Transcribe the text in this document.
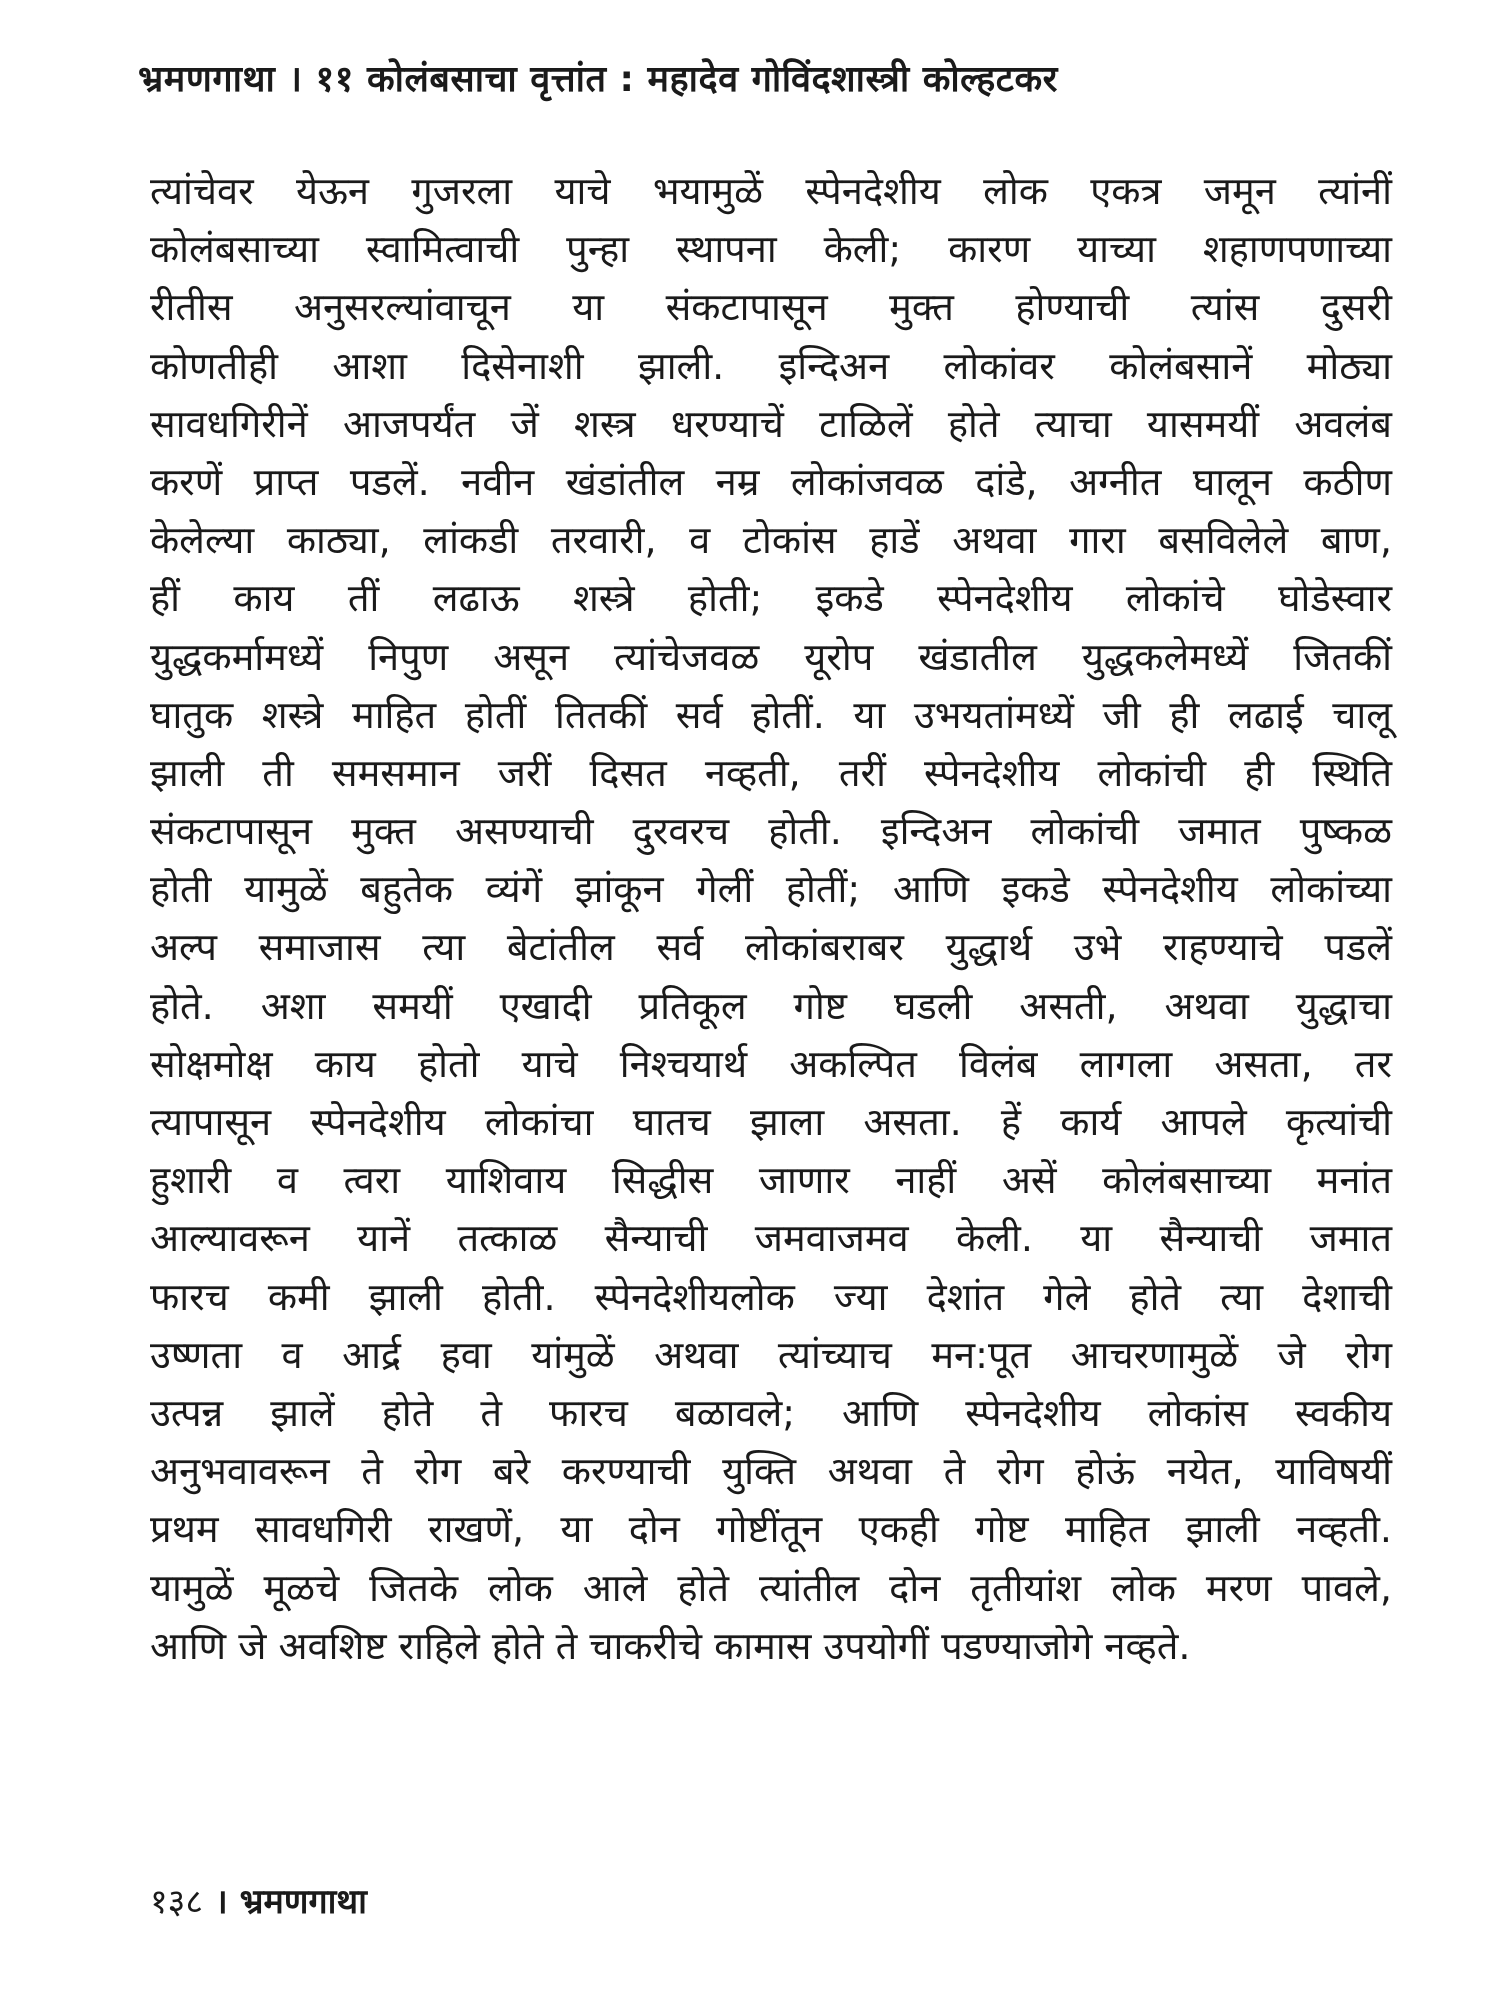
भ्रमणगाथा । ११ कोलंबसाचा वृत्तांत : महादेव गोविंदशास्त्री कोल्हटकर
त्यांचेवर येऊन गुजरला याचे भयामुळें स्पेनदेशीय लोक एकत्र जमून त्यांनीं
कोलंबसाच्या स्वामित्वाची पुन्हा स्थापना केली; कारण याच्या शहाणपणाच्या
रीतीस अनुसरल्यांवाचून या संकटापासून मुक्त होण्याची त्यांस दुसरी
कोणतीही आशा दिसेनाशी झाली. इन्दिअन लोकांवर कोलंबसानें मोठ्या
सावधगिरीनें आजपर्यंत जें शस्त्र धरण्याचें टाळिलें होते त्याचा यासमयीं अवलंब
करणें प्राप्त पडलें. नवीन खंडांतील नम्र लोकांजवळ दांडे, अग्नीत घालून कठीण
केलेल्या काठ्या, लांकडी तरवारी, व टोकांस हाडें अथवा गारा बसविलेले बाण,
हीं काय तीं लढाऊ शस्त्रे होती; इकडे स्पेनदेशीय लोकांचे घोडेस्वार
युद्धकर्मामध्यें निपुण असून त्यांचेजवळ यूरोप खंडातील युद्धकलेमध्यें जितकीं
घातुक शस्त्रे माहित होतीं तितकीं सर्व होतीं. या उभयतांमध्यें जी ही लढाई चालू
झाली ती समसमान जरीं दिसत नव्हती, तरीं स्पेनदेशीय लोकांची ही स्थिति
संकटापासून मुक्त असण्याची दुरवरच होती. इन्दिअन लोकांची जमात पुष्कळ
होती यामुळें बहुतेक व्यंगें झांकून गेलीं होतीं; आणि इकडे स्पेनदेशीय लोकांच्या
अल्प समाजास त्या बेटांतील सर्व लोकांबराबर युद्धार्थ उभे राहण्याचे पडलें
होते. अशा समयीं एखादी प्रतिकूल गोष्ट घडली असती, अथवा युद्धाचा
सोक्षमोक्ष काय होतो याचे निश्चयार्थ अकल्पित विलंब लागला असता, तर
त्यापासून स्पेनदेशीय लोकांचा घातच झाला असता. हें कार्य आपले कृत्यांची
हुशारी व त्वरा याशिवाय सिद्धीस जाणार नाहीं असें कोलंबसाच्या मनांत
आल्यावरून यानें तत्काळ सैन्याची जमवाजमव केली. या सैन्याची जमात
फारच कमी झाली होती. स्पेनदेशीयलोक ज्या देशांत गेले होते त्या देशाची
उष्णता व आर्द्र हवा यांमुळें अथवा त्यांच्याच मन:पूत आचरणामुळें जे रोग
उत्पन्न झालें होते ते फारच बळावले; आणि स्पेनदेशीय लोकांस स्वकीय
अनुभवावरून ते रोग बरे करण्याची युक्ति अथवा ते रोग होऊं नयेत, याविषयीं
प्रथम सावधगिरी राखणें, या दोन गोष्टींतून एकही गोष्ट माहित झाली नव्हती.
यामुळें मूळचे जितके लोक आले होते त्यांतील दोन तृतीयांश लोक मरण पावले,
आणि जे अवशिष्ट राहिले होते ते चाकरीचे कामास उपयोगीं पडण्याजोगे नव्हते.
१३८ । भ्रमणगाथा
